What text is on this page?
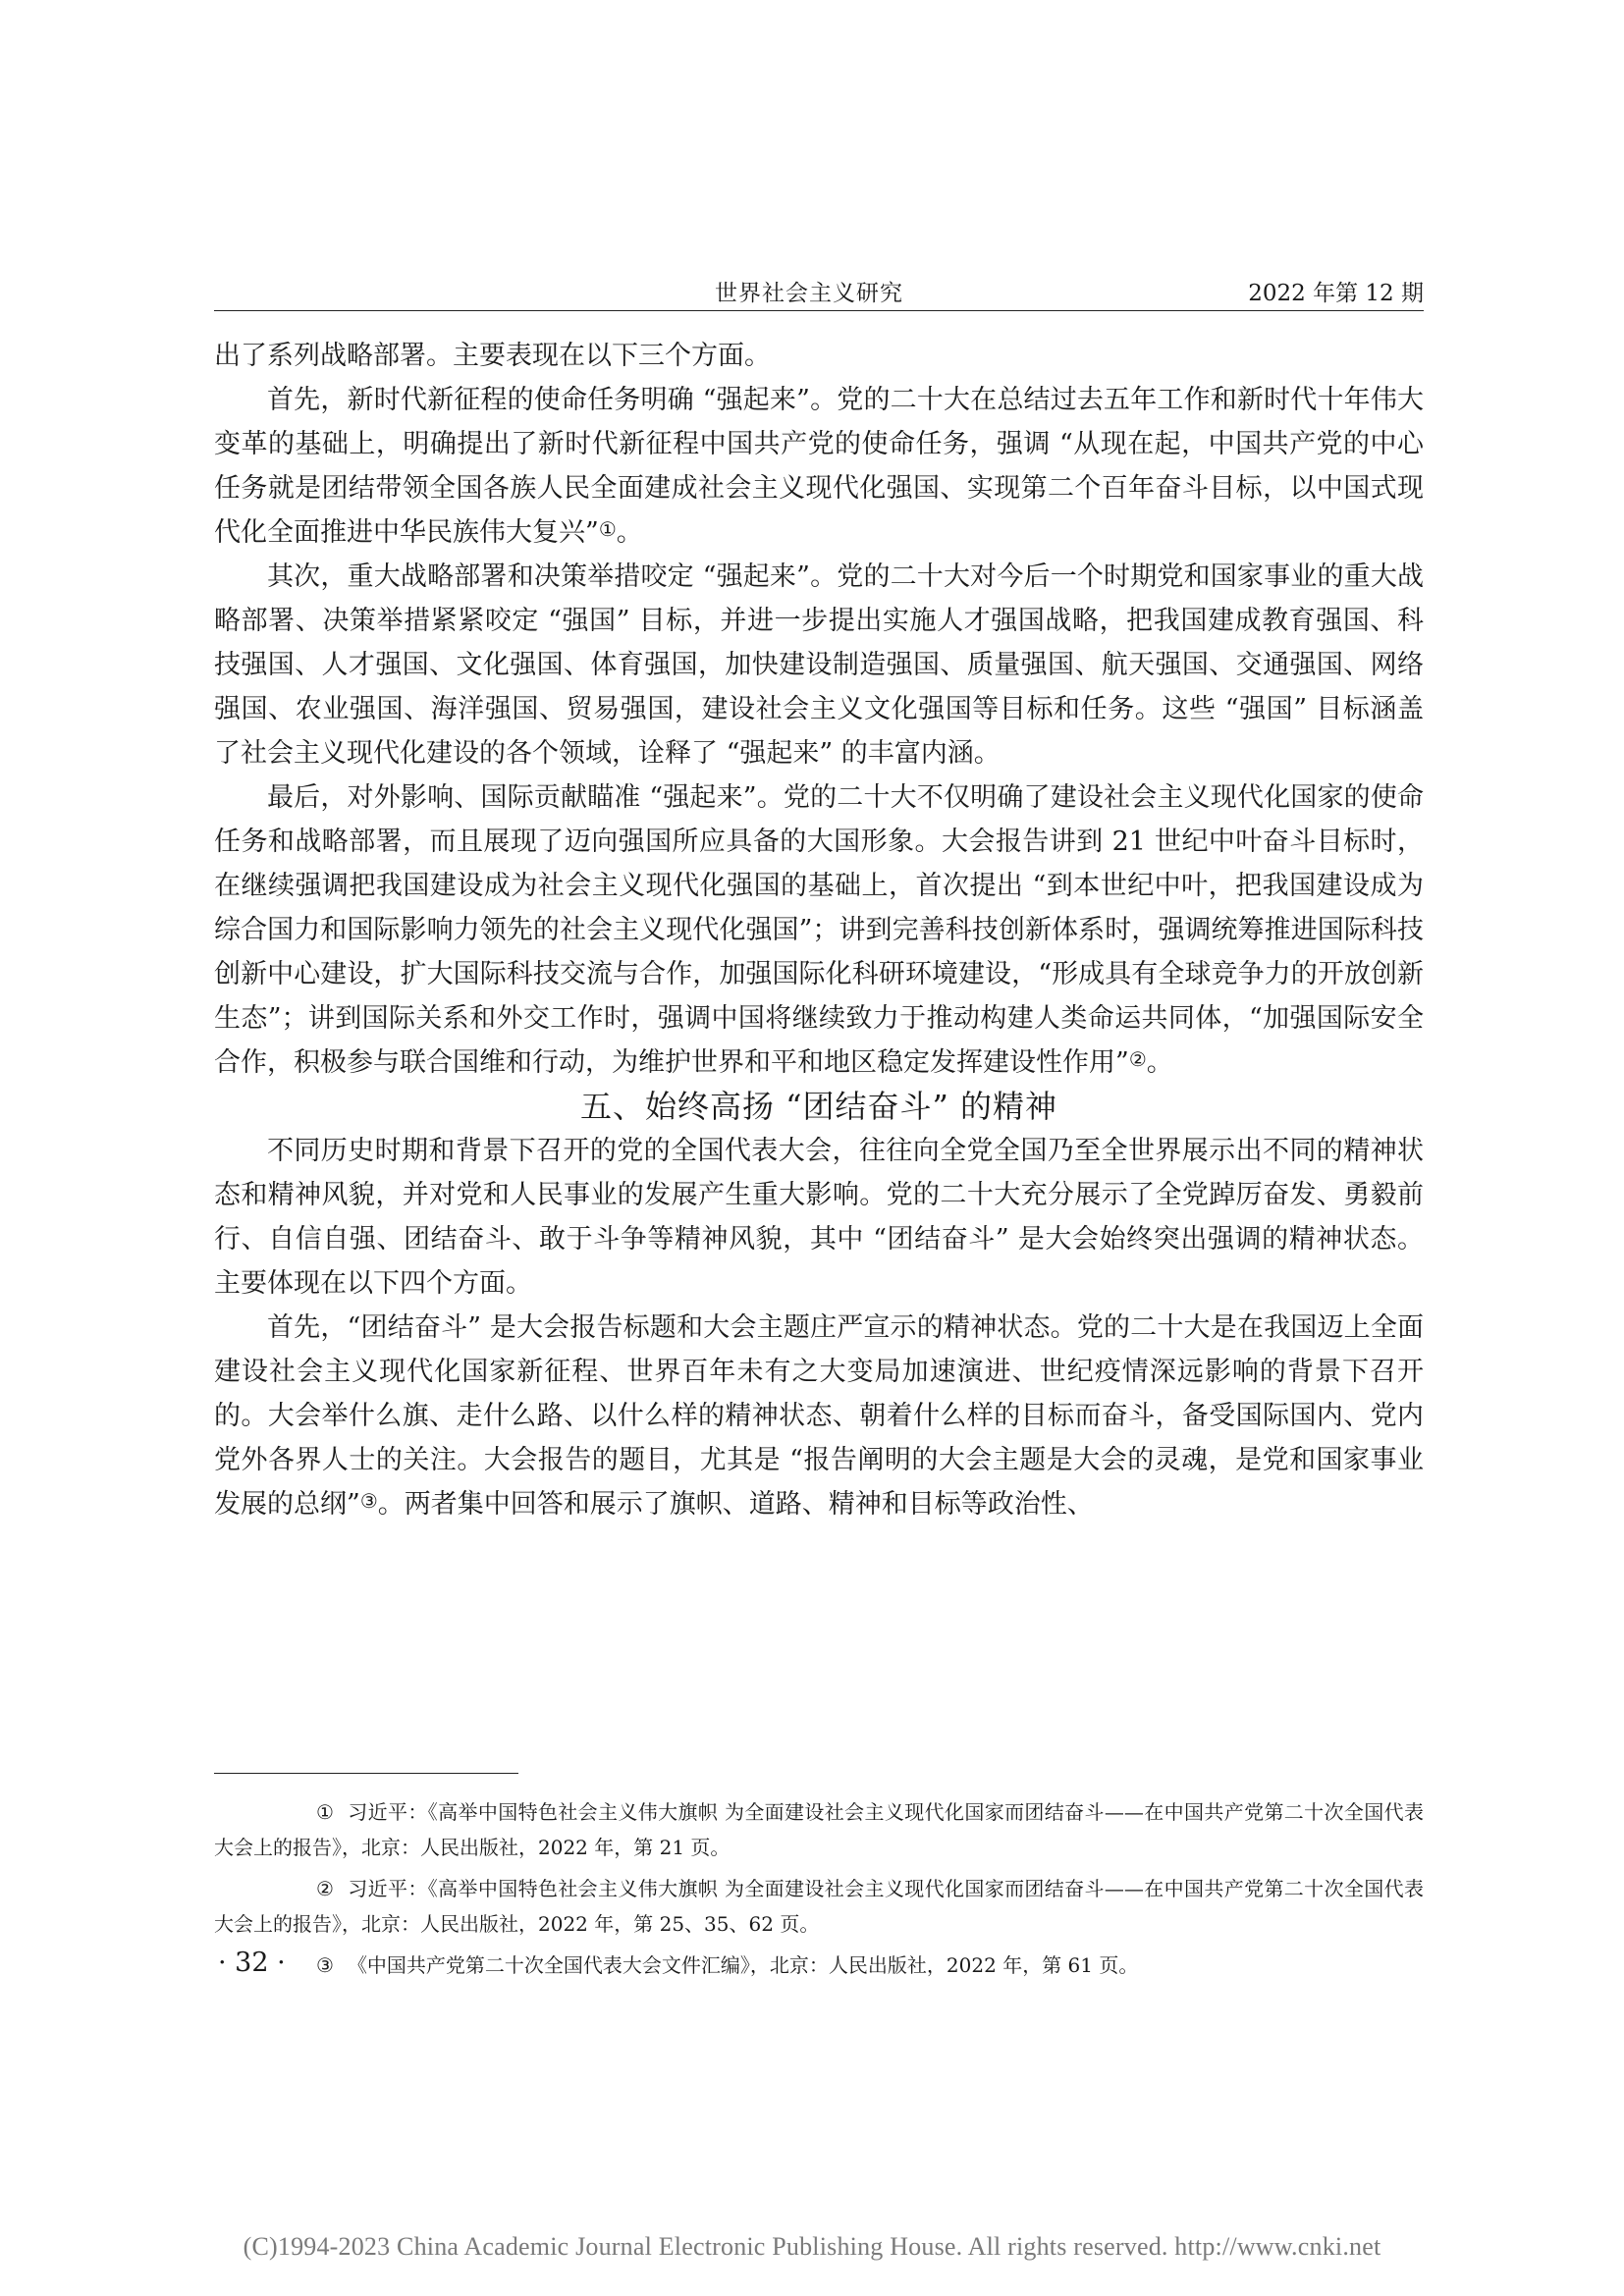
世界社会主义研究	2022 年第 12 期

出了系列战略部署。主要表现在以下三个方面。

首先，新时代新征程的使命任务明确 “强起来”。党的二十大在总结过去五年工作和新时代十年伟大变革的基础上，明确提出了新时代新征程中国共产党的使命任务，强调 “从现在起，中国共产党的中心任务就是团结带领全国各族人民全面建成社会主义现代化强国、实现第二个百年奋斗目标，以中国式现代化全面推进中华民族伟大复兴”①。

其次，重大战略部署和决策举措咬定 “强起来”。党的二十大对今后一个时期党和国家事业的重大战略部署、决策举措紧紧咬定 “强国” 目标，并进一步提出实施人才强国战略，把我国建成教育强国、科技强国、人才强国、文化强国、体育强国，加快建设制造强国、质量强国、航天强国、交通强国、网络强国、农业强国、海洋强国、贸易强国，建设社会主义文化强国等目标和任务。这些 “强国” 目标涵盖了社会主义现代化建设的各个领域，诠释了 “强起来” 的丰富内涵。

最后，对外影响、国际贡献瞄准 “强起来”。党的二十大不仅明确了建设社会主义现代化国家的使命任务和战略部署，而且展现了迈向强国所应具备的大国形象。大会报告讲到 21 世纪中叶奋斗目标时，在继续强调把我国建设成为社会主义现代化强国的基础上，首次提出 “到本世纪中叶，把我国建设成为综合国力和国际影响力领先的社会主义现代化强国”；讲到完善科技创新体系时，强调统筹推进国际科技创新中心建设，扩大国际科技交流与合作，加强国际化科研环境建设，“形成具有全球竞争力的开放创新生态”；讲到国际关系和外交工作时，强调中国将继续致力于推动构建人类命运共同体，“加强国际安全合作，积极参与联合国维和行动，为维护世界和平和地区稳定发挥建设性作用”②。

五、始终高扬 “团结奋斗” 的精神

不同历史时期和背景下召开的党的全国代表大会，往往向全党全国乃至全世界展示出不同的精神状态和精神风貌，并对党和人民事业的发展产生重大影响。党的二十大充分展示了全党踔厉奋发、勇毅前行、自信自强、团结奋斗、敢于斗争等精神风貌，其中 “团结奋斗” 是大会始终突出强调的精神状态。主要体现在以下四个方面。

首先，“团结奋斗” 是大会报告标题和大会主题庄严宣示的精神状态。党的二十大是在我国迈上全面建设社会主义现代化国家新征程、世界百年未有之大变局加速演进、世纪疫情深远影响的背景下召开的。大会举什么旗、走什么路、以什么样的精神状态、朝着什么样的目标而奋斗，备受国际国内、党内党外各界人士的关注。大会报告的题目，尤其是 “报告阐明的大会主题是大会的灵魂，是党和国家事业发展的总纲”③。两者集中回答和展示了旗帜、道路、精神和目标等政治性、

① 习近平：《高举中国特色社会主义伟大旗帜 为全面建设社会主义现代化国家而团结奋斗——在中国共产党第二十次全国代表大会上的报告》，北京：人民出版社，2022 年，第 21 页。

② 习近平：《高举中国特色社会主义伟大旗帜 为全面建设社会主义现代化国家而团结奋斗——在中国共产党第二十次全国代表大会上的报告》，北京：人民出版社，2022 年，第 25、35、62 页。

③ 《中国共产党第二十次全国代表大会文件汇编》，北京：人民出版社，2022 年，第 61 页。

· 32 ·
(C)1994-2023 China Academic Journal Electronic Publishing House. All rights reserved. http://www.cnki.net
